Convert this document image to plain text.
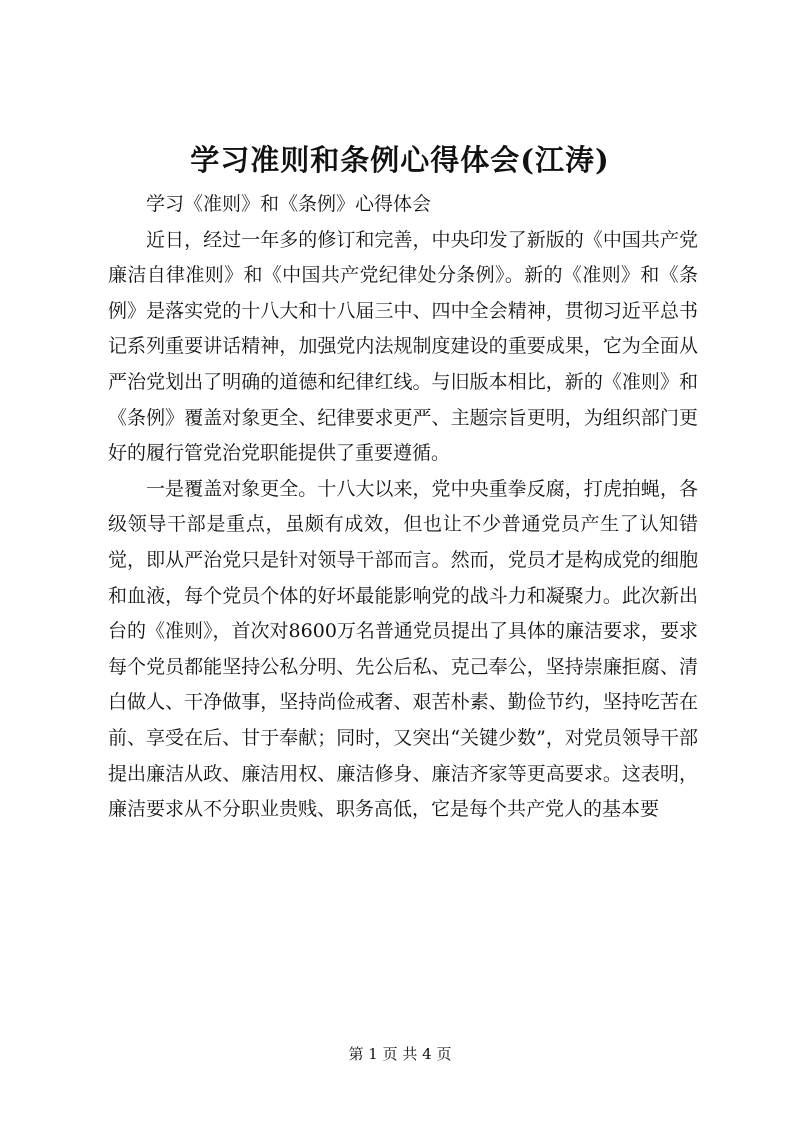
学习准则和条例心得体会(江涛)

学习《准则》和《条例》心得体会

近日，经过一年多的修订和完善，中央印发了新版的《中国共产党廉洁自律准则》和《中国共产党纪律处分条例》。新的《准则》和《条例》是落实党的十八大和十八届三中、四中全会精神，贯彻习近平总书记系列重要讲话精神，加强党内法规制度建设的重要成果，它为全面从严治党划出了明确的道德和纪律红线。与旧版本相比，新的《准则》和《条例》覆盖对象更全、纪律要求更严、主题宗旨更明，为组织部门更好的履行管党治党职能提供了重要遵循。

一是覆盖对象更全。十八大以来，党中央重拳反腐，打虎拍蝇，各级领导干部是重点，虽颇有成效，但也让不少普通党员产生了认知错觉，即从严治党只是针对领导干部而言。然而，党员才是构成党的细胞和血液，每个党员个体的好坏最能影响党的战斗力和凝聚力。此次新出台的《准则》，首次对8600万名普通党员提出了具体的廉洁要求，要求每个党员都能坚持公私分明、先公后私、克己奉公，坚持崇廉拒腐、清白做人、干净做事，坚持尚俭戒奢、艰苦朴素、勤俭节约，坚持吃苦在前、享受在后、甘于奉献；同时，又突出“关键少数”，对党员领导干部提出廉洁从政、廉洁用权、廉洁修身、廉洁齐家等更高要求。这表明，廉洁要求从不分职业贵贱、职务高低，它是每个共产党人的基本要

第 1 页 共 4 页
